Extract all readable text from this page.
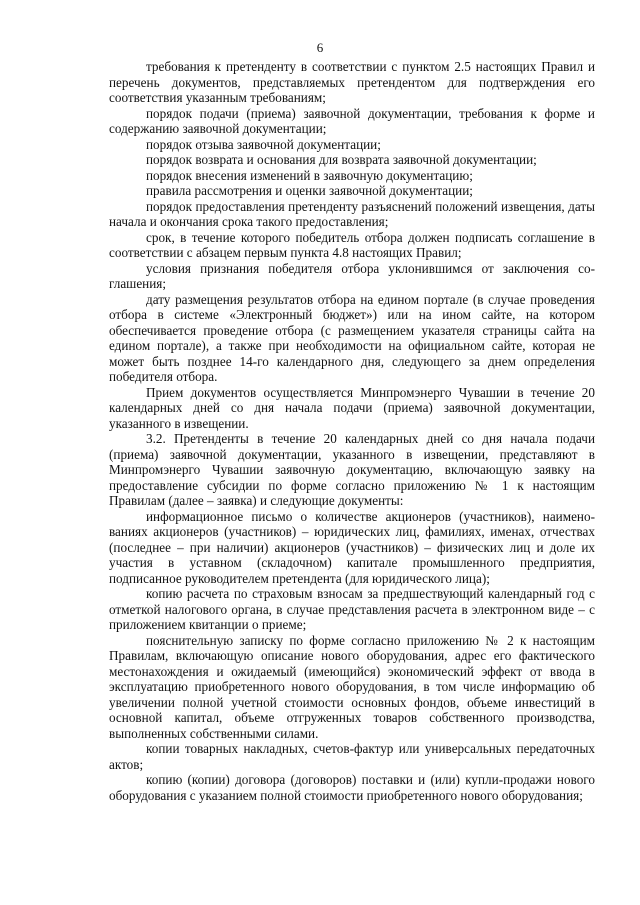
6

требования к претенденту в соответствии с пунктом 2.5 настоящих Правил и перечень документов, представляемых претендентом для подтверждения его соответствия указанным требованиям;

порядок подачи (приема) заявочной документации, требования к форме и содержанию заявочной документации;

порядок отзыва заявочной документации;

порядок возврата и основания для возврата заявочной документации;

порядок внесения изменений в заявочную документацию;

правила рассмотрения и оценки заявочной документации;

порядок предоставления претенденту разъяснений положений извещения, даты начала и окончания срока такого предоставления;

срок, в течение которого победитель отбора должен подписать соглашение в соответствии с абзацем первым пункта 4.8 настоящих Правил;

условия признания победителя отбора уклонившимся от заключения соглашения;

дату размещения результатов отбора на едином портале (в случае проведения отбора в системе «Электронный бюджет») или на ином сайте, на котором обеспечивается проведение отбора (с размещением указателя страницы сайта на едином портале), а также при необходимости на официальном сайте, которая не может быть позднее 14-го календарного дня, следующего за днем определения победителя отбора.

Прием документов осуществляется Минпромэнерго Чувашии в течение 20 календарных дней со дня начала подачи (приема) заявочной документации, указанного в извещении.

3.2. Претенденты в течение 20 календарных дней со дня начала подачи (приема) заявочной документации, указанного в извещении, представляют в Минпромэнерго Чувашии заявочную документацию, включающую заявку на предоставление субсидии по форме согласно приложению № 1 к настоящим Правилам (далее – заявка) и следующие документы:

информационное письмо о количестве акционеров (участников), наименованиях акционеров (участников) – юридических лиц, фамилиях, именах, отчествах (последнее – при наличии) акционеров (участников) – физических лиц и доле их участия в уставном (складочном) капитале промышленного предприятия, подписанное руководителем претендента (для юридического лица);

копию расчета по страховым взносам за предшествующий календарный год с отметкой налогового органа, в случае представления расчета в электронном виде – с приложением квитанции о приеме;

пояснительную записку по форме согласно приложению № 2 к настоящим Правилам, включающую описание нового оборудования, адрес его фактического местонахождения и ожидаемый (имеющийся) экономический эффект от ввода в эксплуатацию приобретенного нового оборудования, в том числе информацию об увеличении полной учетной стоимости основных фондов, объеме инвестиций в основной капитал, объеме отгруженных товаров собственного производства, выполненных собственными силами.

копии товарных накладных, счетов-фактур или универсальных передаточных актов;

копию (копии) договора (договоров) поставки и (или) купли-продажи нового оборудования с указанием полной стоимости приобретенного нового оборудования;
